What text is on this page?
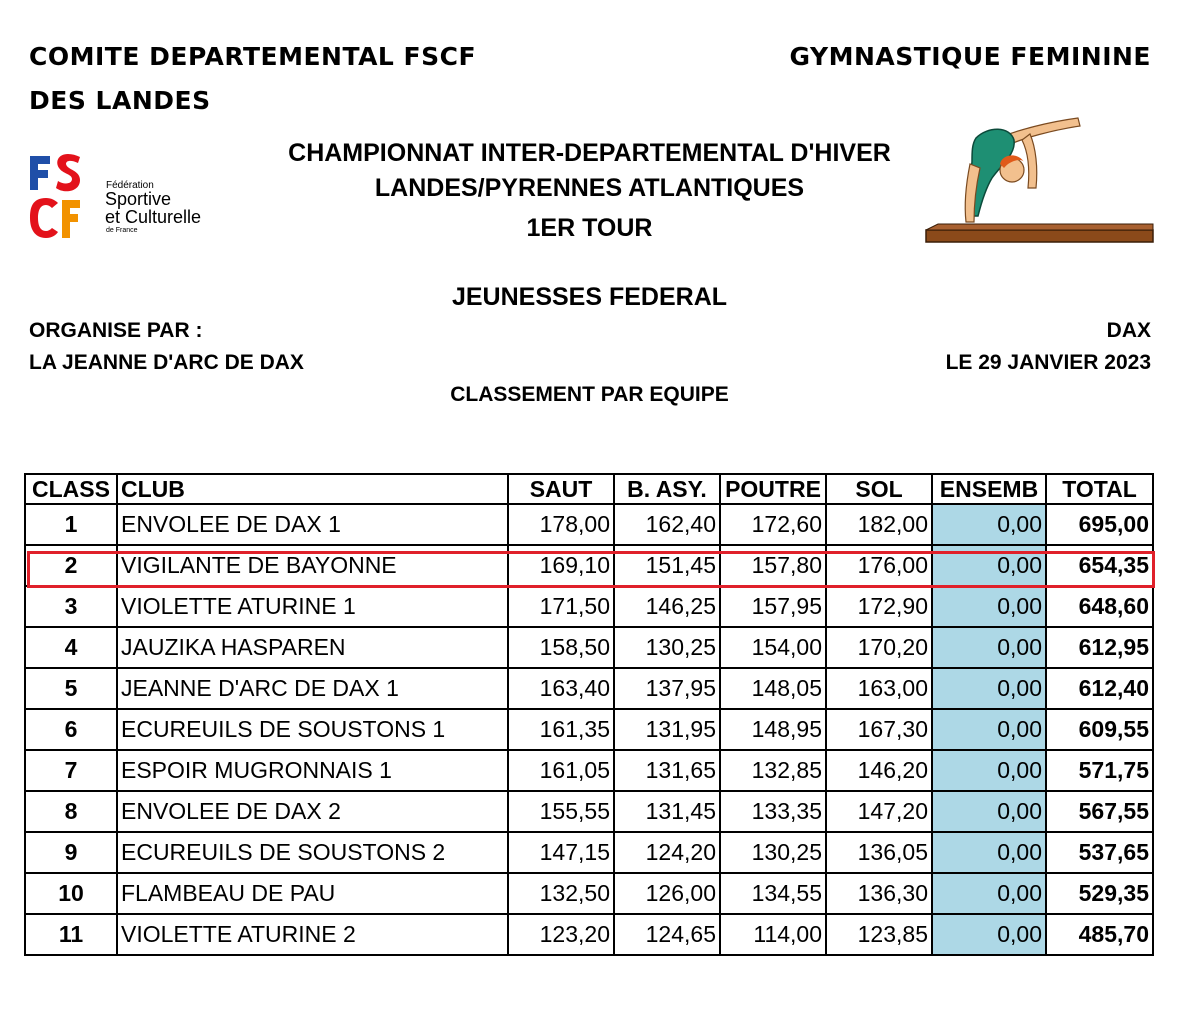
COMITE DEPARTEMENTAL FSCF
DES LANDES
GYMNASTIQUE FEMININE
Fédération
Sportive
et Culturelle
de France
CHAMPIONNAT INTER-DEPARTEMENTAL D'HIVER
LANDES/PYRENNES ATLANTIQUES
1ER TOUR
JEUNESSES FEDERAL
ORGANISE PAR :
LA JEANNE D'ARC DE DAX
DAX
LE 29 JANVIER 2023
CLASSEMENT PAR EQUIPE
CLASS	CLUB	SAUT	B. ASY.	POUTRE	SOL	ENSEMB	TOTAL
1	ENVOLEE DE DAX 1	178,00	162,40	172,60	182,00	0,00	695,00
2	VIGILANTE DE BAYONNE	169,10	151,45	157,80	176,00	0,00	654,35
3	VIOLETTE ATURINE 1	171,50	146,25	157,95	172,90	0,00	648,60
4	JAUZIKA HASPAREN	158,50	130,25	154,00	170,20	0,00	612,95
5	JEANNE D'ARC DE DAX 1	163,40	137,95	148,05	163,00	0,00	612,40
6	ECUREUILS DE SOUSTONS 1	161,35	131,95	148,95	167,30	0,00	609,55
7	ESPOIR MUGRONNAIS 1	161,05	131,65	132,85	146,20	0,00	571,75
8	ENVOLEE DE DAX 2	155,55	131,45	133,35	147,20	0,00	567,55
9	ECUREUILS DE SOUSTONS 2	147,15	124,20	130,25	136,05	0,00	537,65
10	FLAMBEAU DE PAU	132,50	126,00	134,55	136,30	0,00	529,35
11	VIOLETTE ATURINE 2	123,20	124,65	114,00	123,85	0,00	485,70
